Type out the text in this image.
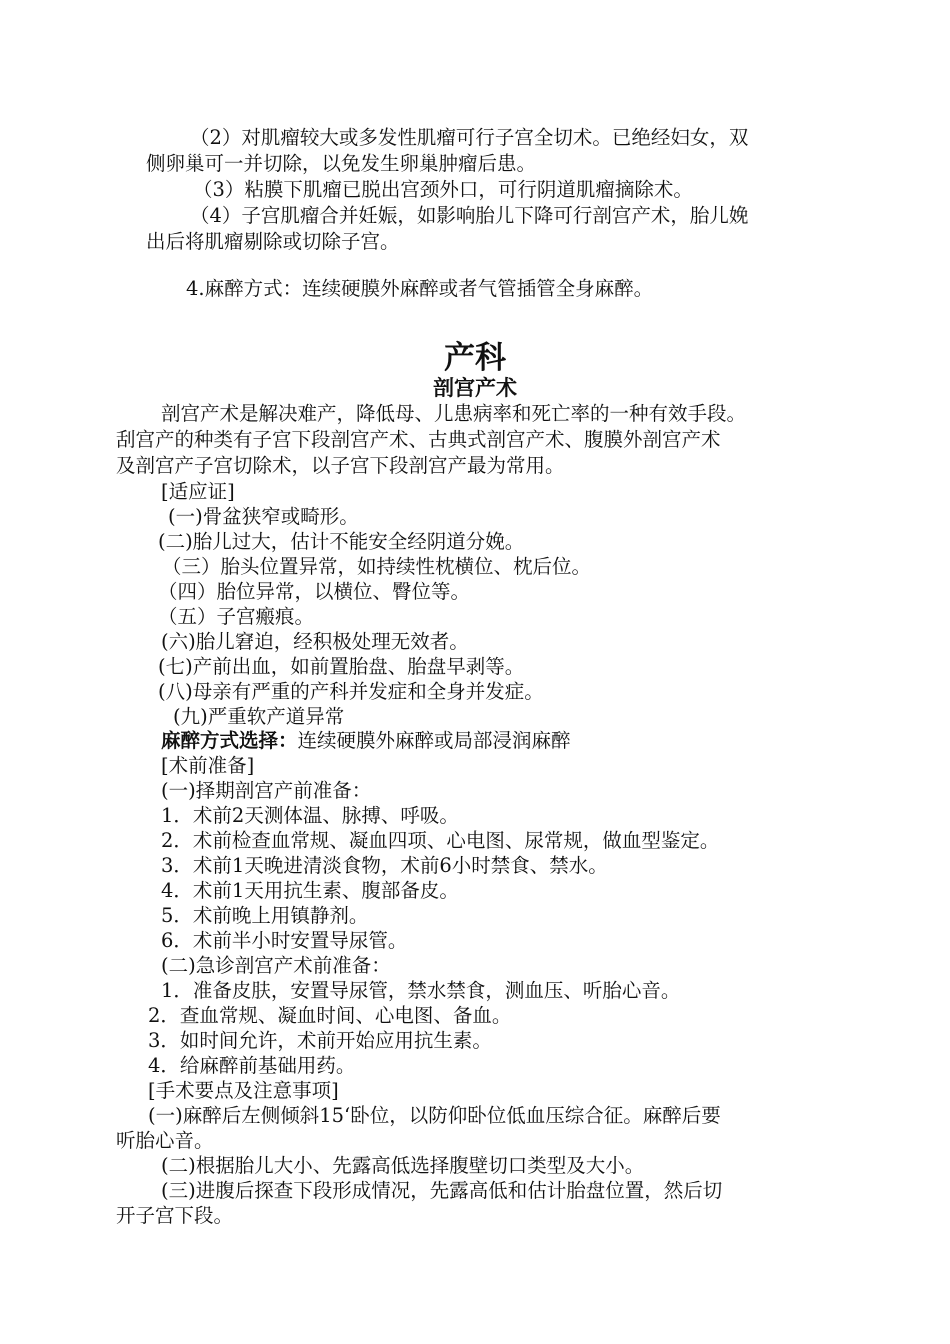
（2）对肌瘤较大或多发性肌瘤可行子宫全切术。已绝经妇女，双
侧卵巢可一并切除，以免发生卵巢肿瘤后患。
（3）粘膜下肌瘤已脱出宫颈外口，可行阴道肌瘤摘除术。
（4）子宫肌瘤合并妊娠，如影响胎儿下降可行剖宫产术，胎儿娩
出后将肌瘤剔除或切除子宫。
4.麻醉方式：连续硬膜外麻醉或者气管插管全身麻醉。
产科
剖宫产术
剖宫产术是解决难产，降低母、儿患病率和死亡率的一种有效手段。
刮宫产的种类有子宫下段剖宫产术、古典式剖宫产术、腹膜外剖宫产术
及剖宫产子宫切除术，以子宫下段剖宫产最为常用。
[适应证]
(一)骨盆狭窄或畸形。
(二)胎儿过大，估计不能安全经阴道分娩。
（三）胎头位置异常，如持续性枕横位、枕后位。
（四）胎位异常，以横位、臀位等。
（五）子宫瘢痕。
(六)胎儿窘迫，经积极处理无效者。
(七)产前出血，如前置胎盘、胎盘早剥等。
(八)母亲有严重的产科并发症和全身并发症。
(九)严重软产道异常
麻醉方式选择：连续硬膜外麻醉或局部浸润麻醉
[术前准备]
(一)择期剖宫产前准备：
1．术前2天测体温、脉搏、呼吸。
2．术前检查血常规、凝血四项、心电图、尿常规，做血型鉴定。
3．术前1天晚进清淡食物，术前6小时禁食、禁水。
4．术前1天用抗生素、腹部备皮。
5．术前晚上用镇静剂。
6．术前半小时安置导尿管。
(二)急诊剖宫产术前准备：
1．准备皮肤，安置导尿管，禁水禁食，测血压、听胎心音。
2．查血常规、凝血时间、心电图、备血。
3．如时间允许，术前开始应用抗生素。
4．给麻醉前基础用药。
[手术要点及注意事项]
(一)麻醉后左侧倾斜15‘卧位，以防仰卧位低血压综合征。麻醉后要
听胎心音。
(二)根据胎儿大小、先露高低选择腹壁切口类型及大小。
(三)进腹后探查下段形成情况，先露高低和估计胎盘位置，然后切
开子宫下段。
